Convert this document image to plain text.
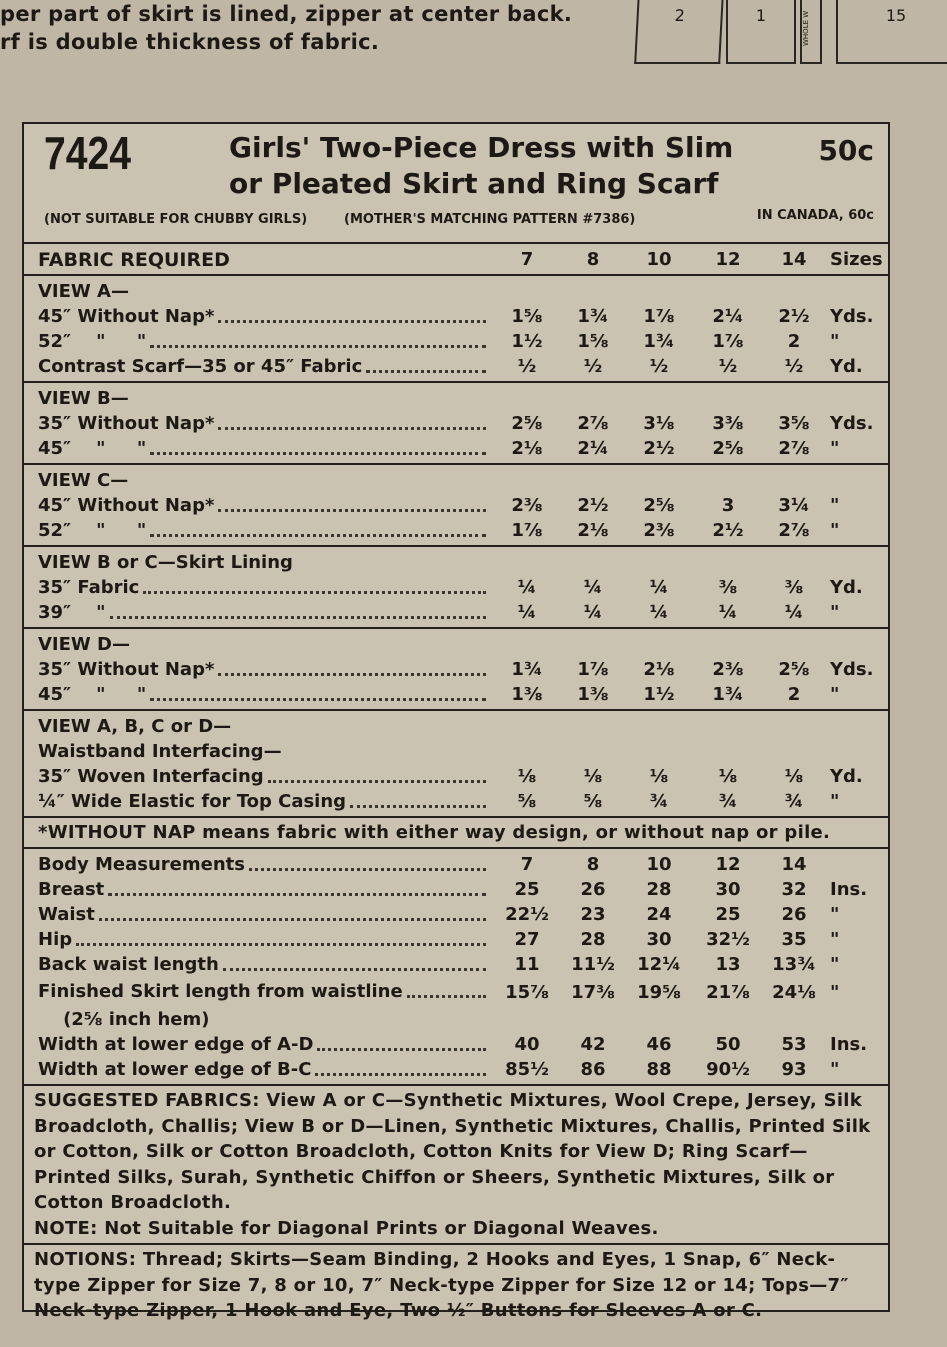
per part of skirt is lined, zipper at center back.
rf is double thickness of fabric.
2	1	WHOLE W	15
7424	Girls' Two-Piece Dress with Slim
or Pleated Skirt and Ring Scarf
50c
(NOT SUITABLE FOR CHUBBY GIRLS)	(MOTHER'S MATCHING PATTERN #7386)	IN CANADA, 60c
FABRIC REQUIRED	7	8	10	12	14	Sizes
VIEW A—
45″ Without Nap*	1⅝	1¾	1⅞	2¼	2½	Yds.
52″    "     "	1½	1⅝	1¾	1⅞	2	"
Contrast Scarf—35 or 45″ Fabric	½	½	½	½	½	Yd.
VIEW B—
35″ Without Nap*	2⅝	2⅞	3⅛	3⅜	3⅝	Yds.
45″    "     "	2⅛	2¼	2½	2⅝	2⅞	"
VIEW C—
45″ Without Nap*	2⅜	2½	2⅝	3	3¼	"
52″    "     "	1⅞	2⅛	2⅜	2½	2⅞	"
VIEW B or C—Skirt Lining
35″ Fabric	¼	¼	¼	⅜	⅜	Yd.
39″    "	¼	¼	¼	¼	¼	"
VIEW D—
35″ Without Nap*	1¾	1⅞	2⅛	2⅜	2⅝	Yds.
45″    "     "	1⅜	1⅜	1½	1¾	2	"
VIEW A, B, C or D—
Waistband Interfacing—
35″ Woven Interfacing	⅛	⅛	⅛	⅛	⅛	Yd.
¼″ Wide Elastic for Top Casing	⅝	⅝	¾	¾	¾	"
*WITHOUT NAP means fabric with either way design, or without nap or pile.
Body Measurements	7	8	10	12	14
Breast	25	26	28	30	32	Ins.
Waist	22½	23	24	25	26	"
Hip	27	28	30	32½	35	"
Back waist length	11	11½	12¼	13	13¾ "
Finished Skirt length from waistline	15⅞	17⅜	19⅝	21⅞	24⅛ "
(2⅝ inch hem)
Width at lower edge of A-D	40	42	46	50	53	Ins.
Width at lower edge of B-C	85½	86	88	90½	93	"
SUGGESTED FABRICS: View A or C—Synthetic Mixtures, Wool Crepe, Jersey, Silk Broadcloth, Challis; View B or D—Linen, Synthetic Mixtures, Challis, Printed Silk or Cotton, Silk or Cotton Broadcloth, Cotton Knits for View D; Ring Scarf—Printed Silks, Surah, Synthetic Chiffon or Sheers, Synthetic Mixtures, Silk or Cotton Broadcloth.
NOTE: Not Suitable for Diagonal Prints or Diagonal Weaves.
NOTIONS: Thread; Skirts—Seam Binding, 2 Hooks and Eyes, 1 Snap, 6″ Neck-type Zipper for Size 7, 8 or 10, 7″ Neck-type Zipper for Size 12 or 14; Tops—7″ Neck-type Zipper, 1 Hook and Eye, Two ½″ Buttons for Sleeves A or C.
